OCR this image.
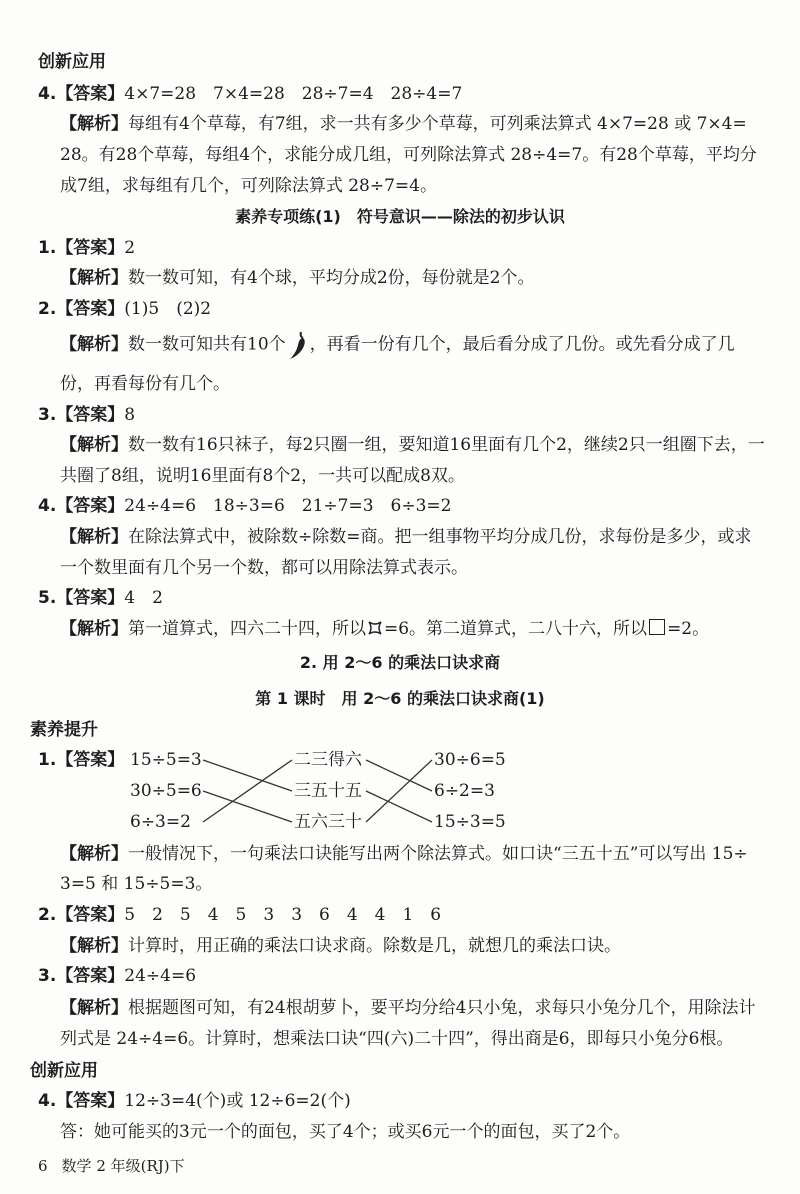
创新应用
4.【答案】4×7=28　7×4=28　28÷7=4　28÷4=7
【解析】每组有4个草莓，有7组，求一共有多少个草莓，可列乘法算式 4×7=28 或 7×4=
28。有28个草莓，每组4个，求能分成几组，可列除法算式 28÷4=7。有28个草莓，平均分
成7组，求每组有几个，可列除法算式 28÷7=4。
素养专项练(1)　符号意识——除法的初步认识
1.【答案】2
【解析】数一数可知，有4个球，平均分成2份，每份就是2个。
2.【答案】(1)5　(2)2
【解析】数一数可知共有10个 ，再看一份有几个，最后看分成了几份。或先看分成了几
份，再看每份有几个。
3.【答案】8
【解析】数一数有16只袜子，每2只圈一组，要知道16里面有几个2，继续2只一组圈下去，一
共圈了8组，说明16里面有8个2，一共可以配成8双。
4.【答案】24÷4=6　18÷3=6　21÷7=3　6÷3=2
【解析】在除法算式中，被除数÷除数=商。把一组事物平均分成几份，求每份是多少，或求
一个数里面有几个另一个数，都可以用除法算式表示。
5.【答案】4　2
【解析】第一道算式，四六二十四，所以 =6。第二道算式，二八十六，所以 =2。
2. 用 2～6 的乘法口诀求商
第 1 课时　用 2～6 的乘法口诀求商(1)
素养提升
1.【答案】 15÷5=3
30÷5=6
6÷3=2
二三得六
三五十五
五六三十
30÷6=5
6÷2=3
15÷3=5
【解析】一般情况下，一句乘法口诀能写出两个除法算式。如口诀“三五十五”可以写出 15÷
3=5 和 15÷5=3。
2.【答案】5　2　5　4　5　3　3　6　4　4　1　6
【解析】计算时，用正确的乘法口诀求商。除数是几，就想几的乘法口诀。
3.【答案】24÷4=6
【解析】根据题图可知，有24根胡萝卜，要平均分给4只小兔，求每只小兔分几个，用除法计
列式是 24÷4=6。计算时，想乘法口诀“四(六)二十四”，得出商是6，即每只小兔分6根。
创新应用
4.【答案】12÷3=4(个)或 12÷6=2(个)
答：她可能买的3元一个的面包，买了4个；或买6元一个的面包，买了2个。
6 数学 2 年级(RJ)下
